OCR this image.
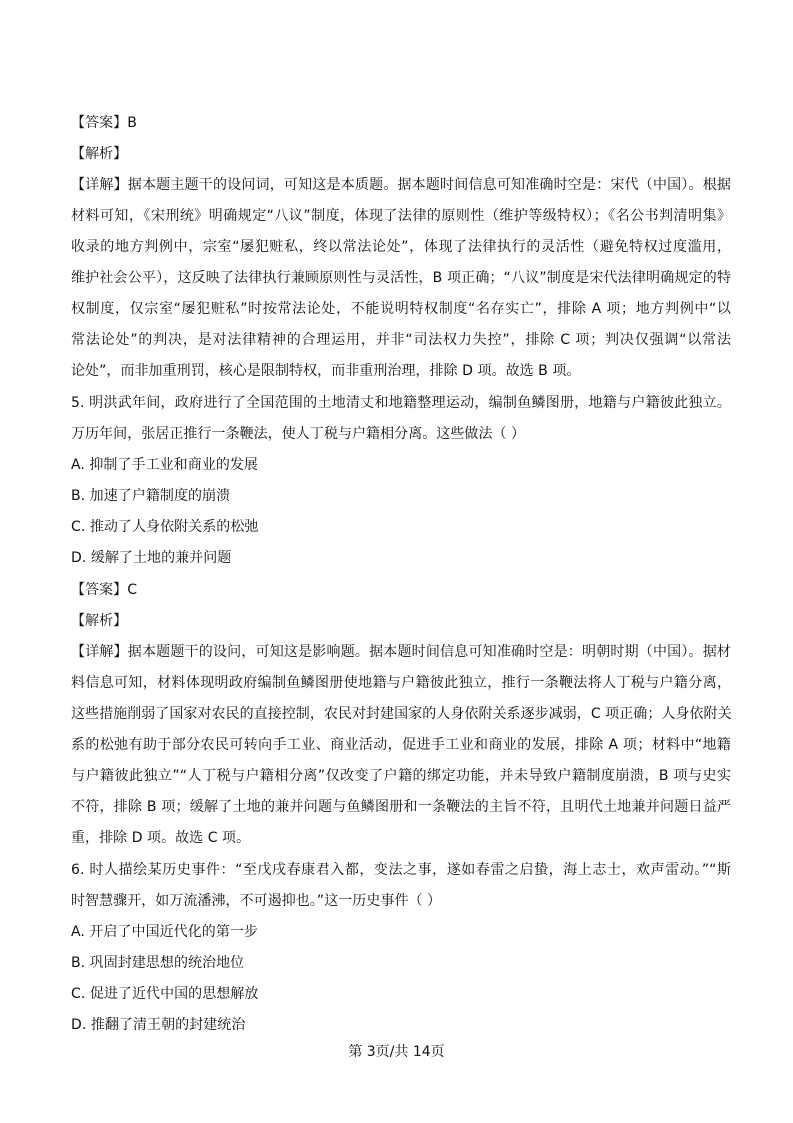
【答案】B
【解析】
【详解】据本题主题干的设问词，可知这是本质题。据本题时间信息可知准确时空是：宋代（中国）。根据
材料可知，《宋刑统》明确规定“八议”制度，体现了法律的原则性（维护等级特权）；《名公书判清明集》
收录的地方判例中，宗室“屡犯赃私，终以常法论处”，体现了法律执行的灵活性（避免特权过度滥用，
维护社会公平），这反映了法律执行兼顾原则性与灵活性，B 项正确；“八议”制度是宋代法律明确规定的特
权制度，仅宗室“屡犯赃私”时按常法论处，不能说明特权制度“名存实亡”，排除 A 项；地方判例中“以
常法论处”的判决，是对法律精神的合理运用，并非“司法权力失控”，排除 C 项；判决仅强调“以常法
论处”，而非加重刑罚，核心是限制特权，而非重刑治理，排除 D 项。故选 B 项。
5. 明洪武年间，政府进行了全国范围的土地清丈和地籍整理运动，编制鱼鳞图册，地籍与户籍彼此独立。
万历年间，张居正推行一条鞭法，使人丁税与户籍相分离。这些做法（ ）
A. 抑制了手工业和商业的发展
B. 加速了户籍制度的崩溃
C. 推动了人身依附关系的松弛
D. 缓解了土地的兼并问题
【答案】C
【解析】
【详解】据本题题干的设问，可知这是影响题。据本题时间信息可知准确时空是：明朝时期（中国）。据材
料信息可知，材料体现明政府编制鱼鳞图册使地籍与户籍彼此独立，推行一条鞭法将人丁税与户籍分离，
这些措施削弱了国家对农民的直接控制，农民对封建国家的人身依附关系逐步减弱，C 项正确；人身依附关
系的松弛有助于部分农民可转向手工业、商业活动，促进手工业和商业的发展，排除 A 项；材料中“地籍
与户籍彼此独立”“人丁税与户籍相分离”仅改变了户籍的绑定功能，并未导致户籍制度崩溃，B 项与史实
不符，排除 B 项；缓解了土地的兼并问题与鱼鳞图册和一条鞭法的主旨不符，且明代土地兼并问题日益严
重，排除 D 项。故选 C 项。
6. 时人描绘某历史事件：“至戊戌春康君入都，变法之事，遂如春雷之启蛰，海上志士，欢声雷动。”“斯
时智慧骤开，如万流潘沸，不可遏抑也。”这一历史事件（ ）
A. 开启了中国近代化的第一步
B. 巩固封建思想的统治地位
C. 促进了近代中国的思想解放
D. 推翻了清王朝的封建统治
第 3页/共 14页
